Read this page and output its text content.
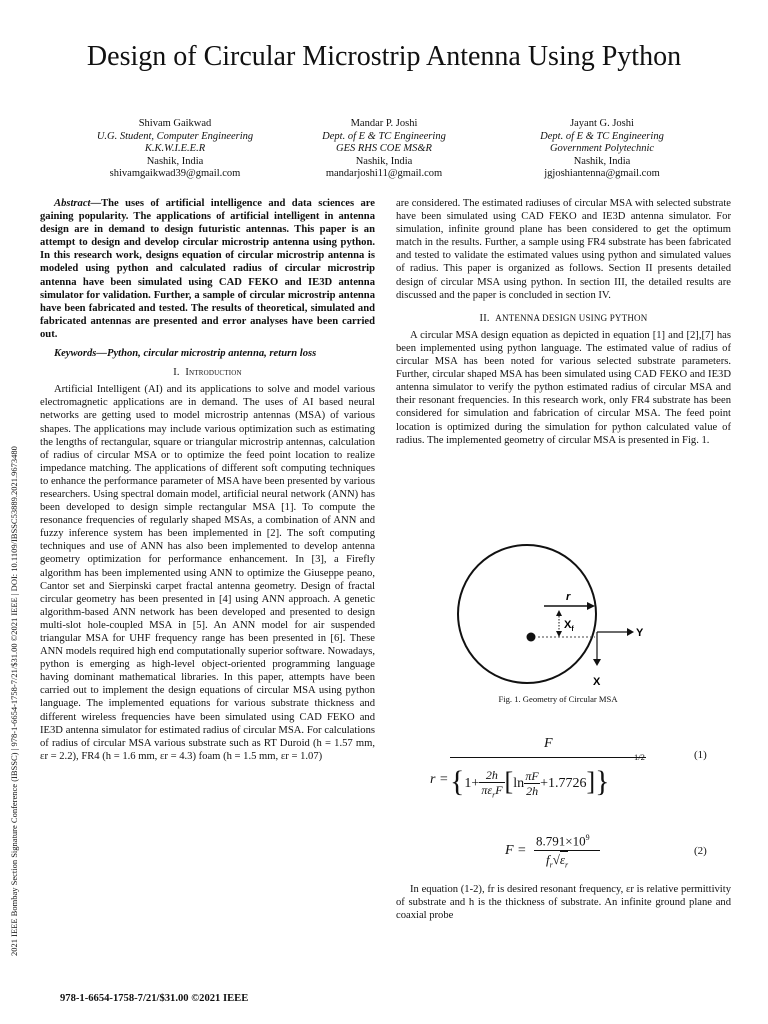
2021 IEEE Bombay Section Signature Conference (IBSSC) | 978-1-6654-1758-7/21/$31.00 ©2021 IEEE | DOI: 10.1109/IBSSC53889.2021.9673480
Design of Circular Microstrip Antenna Using Python
Shivam Gaikwad
U.G. Student, Computer Engineering
K.K.W.I.E.E.R
Nashik, India
shivamgaikwad39@gmail.com
Mandar P. Joshi
Dept. of E & TC Engineering
GES RHS COE MS&R
Nashik, India
mandarjoshi11@gmail.com
Jayant G. Joshi
Dept. of E & TC Engineering
Government Polytechnic
Nashik, India
jgjoshiantenna@gmail.com

Abstract—The uses of artificial intelligence and data sciences are gaining popularity. The applications of artificial intelligent in antenna design are in demand to design futuristic antennas. This paper is an attempt to design and develop circular microstrip antenna using python. In this research work, designs equation of circular microstrip antenna is modeled using python and calculated radius of circular microstrip antenna have been simulated using CAD FEKO and IE3D antenna simulator for validation. Further, a sample of circular microstrip antenna have been fabricated and tested. The results of theoretical, simulated and fabricated antennas are presented and error analyses have been carried out.

Keywords—Python, circular microstrip antenna, return loss

I. Introduction

Artificial Intelligent (AI) and its applications to solve and model various electromagnetic applications are in demand. The uses of AI based neural networks are getting used to model microstrip antennas (MSA) of various shapes. The applications may include various optimization such as estimating the lengths of rectangular, square or triangular microstrip antennas, calculation of radius of circular MSA or to optimize the feed point location to realize impedance matching. The applications of different soft computing techniques to enhance the performance parameter of MSA have been presented by various researchers. Using spectral domain model, artificial neural network (ANN) has been developed to design simple rectangular MSA [1]. To compute the resonance frequencies of regularly shaped MSAs, a combination of ANN and fuzzy inference system has been implemented in [2]. The soft computing techniques and use of ANN has also been implemented to develop antenna geometry optimization for performance enhancement. In [3], a Firefly algorithm has been implemented using ANN to optimize the Giuseppe peano, Cantor set and Sierpinski carpet fractal antenna geometry. Design of fractal circular geometry has been presented in [4] using ANN approach. A genetic algorithm-based ANN network has been developed and presented to design multi-slot hole-coupled MSA in [5]. An ANN model for air suspended triangular MSA for UHF frequency range has been presented in [6]. These ANN models required high end computationally superior software. Nowadays, python is emerging as high-level object-oriented programming language having dominant mathematical libraries. In this paper, attempts have been carried out to implement the design equations of circular MSA using python language. The implemented equations for various substrate thickness and different wireless frequencies have been simulated using CAD FEKO and IE3D antenna simulator for estimated radius of circular MSA. For calculations of radius of circular MSA various substrate such as RT Duroid (h = 1.57 mm, εr = 2.2), FR4 (h = 1.6 mm, εr = 4.3) foam (h = 1.5 mm, εr = 1.07)

are considered. The estimated radiuses of circular MSA with selected substrate have been simulated using CAD FEKO and IE3D antenna simulator. For simulation, infinite ground plane has been considered to get the optimum match in the results. Further, a sample using FR4 substrate has been fabricated and tested to validate the estimated values using python and simulated values of radius. This paper is organized as follows. Section II presents detailed design of circular MSA using python. In section III, the detailed results are discussed and the paper is concluded in section IV.

II. ANTENNA DESIGN USING PYTHON

A circular MSA design equation as depicted in equation [1] and [2],[7] has been implemented using python language. The estimated value of radius of circular MSA has been noted for various selected substrate parameters. Further, circular shaped MSA has been simulated using CAD FEKO and IE3D antenna simulator to verify the python estimated radius of circular MSA and their resonant frequencies. In this research work, only FR4 substrate has been considered for simulation and fabrication of circular MSA. The feed point location is optimized during the simulation for python calculated value of radius. The implemented geometry of circular MSA is presented in Fig. 1.

r
$X_f$	Y
X
Fig. 1. Geometry of Circular MSA
r =
F
{1+2h
$\pi\varepsilon_rF[\ln\frac{\pi F}{2h}+1.7726]$}
1/2	(1)
F =
$8.791\times 10^9$
$f_r√\varepsilon_r$
(2)

In equation (1-2), fr is desired resonant frequency, εr is relative permittivity of substrate and h is the thickness of substrate. An infinite ground plane and coaxial probe

978-1-6654-1758-7/21/$31.00 ©2021 IEEE
